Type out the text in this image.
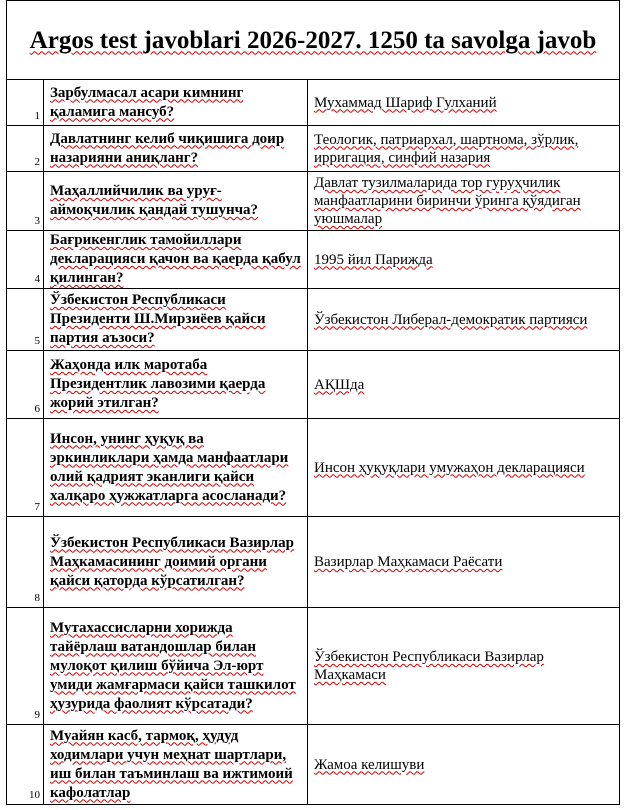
Argos test javoblari 2026-2027. 1250 ta savolga javob		
1	Зарбулмасал асари кимнинг қаламига мансуб?	Мухаммад Шариф Гулханий
2	Давлатнинг келиб чиқишига доир назарияни аниқланг?	Теологик, патриархал, шартнома, зўрлик, ирригация, синфий назария
3	Маҳаллийчилик ва уруғ-аймоқчилик қандай тушунча?	Давлат тузилмаларида тор гуруҳчилик манфаатларини биринчи ўринга қўядиган уюшмалар
4	Бағрикенглик тамойиллари декларацияси қачон ва қаерда қабул қилинган?	1995 йил Парижда
5	Ўзбекистон Республикаси Президенти Ш.Мирзиёев қайси партия аъзоси?	Ўзбекистон Либерал-демократик партияси
6	Жаҳонда илк маротаба Президентлик лавозими қаерда жорий этилган?	АҚШда
7	Инсон, унинг ҳуқуқ ва эркинликлари ҳамда манфаатлари олий қадрият эканлиги қайси халқаро ҳужжатларга асосланади?	Инсон ҳуқуқлари умужаҳон декларацияси
8	Ўзбекистон Республикаси Вазирлар Маҳкамасининг доимий органи қайси қаторда кўрсатилган?	Вазирлар Маҳкамаси Раёсати
9	Мутахассисларни хорижда тайёрлаш ватандошлар билан мулоқот қилиш бўйича Эл-юрт умиди жамғармаси қайси ташкилот ҳузурида фаолият кўрсатади?	Ўзбекистон Республикаси Вазирлар Маҳкамаси
10	Муайян касб, тармоқ, ҳудуд ходимлари учун меҳнат шартлари, иш билан таъминлаш ва ижтимоий кафолатлар	Жамоа келишуви
